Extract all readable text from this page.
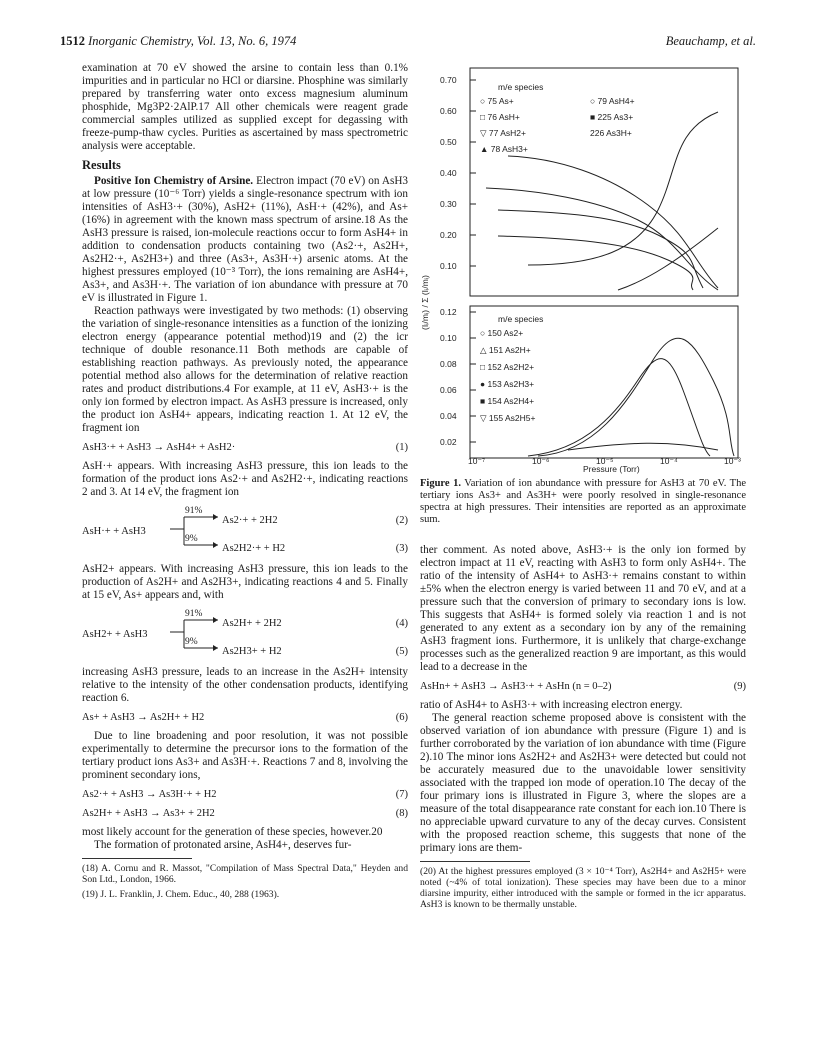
1512 Inorganic Chemistry, Vol. 13, No. 6, 1974	Beauchamp, et al.

examination at 70 eV showed the arsine to contain less than 0.1% impurities and in particular no HCl or diarsine. Phosphine was similarly prepared by transferring water onto excess magnesium aluminum phosphide, Mg3P2·2AlP.17 All other chemicals were reagent grade commercial samples utilized as supplied except for degassing with freeze-pump-thaw cycles. Purities as ascertained by mass spectrometric analysis were acceptable.

Results

Positive Ion Chemistry of Arsine. Electron impact (70 eV) on AsH3 at low pressure (10⁻⁶ Torr) yields a single-resonance spectrum with ion intensities of AsH3·+ (30%), AsH2+ (11%), AsH·+ (42%), and As+ (16%) in agreement with the known mass spectrum of arsine.18 As the AsH3 pressure is raised, ion-molecule reactions occur to form AsH4+ in addition to condensation products containing two (As2·+, As2H+, As2H2·+, As2H3+) and three (As3+, As3H·+) arsenic atoms. At the highest pressures employed (10⁻³ Torr), the ions remaining are AsH4+, As3+, and As3H·+. The variation of ion abundance with pressure at 70 eV is illustrated in Figure 1.

Reaction pathways were investigated by two methods: (1) observing the variation of single-resonance intensities as a function of the ionizing electron energy (appearance potential method)19 and (2) the icr technique of double resonance.11 Both methods are capable of establishing reaction pathways. As previously noted, the appearance potential method also allows for the determination of relative reaction rates and product distributions.4 For example, at 11 eV, AsH3·+ is the only ion formed by electron impact. As AsH3 pressure is increased, only the product ion AsH4+ appears, indicating reaction 1. At 12 eV, the fragment ion

AsH3·+ + AsH3 → AsH4+ + AsH2·	(1)

AsH·+ appears. With increasing AsH3 pressure, this ion leads to the formation of the product ions As2·+ and As2H2·+, indicating reactions 2 and 3. At 14 eV, the fragment ion

AsH·+ + AsH3
91%
9%
As2·+ + 2H2
As2H2·+ + H2
(2)
(3)

AsH2+ appears. With increasing AsH3 pressure, this ion leads to the production of As2H+ and As2H3+, indicating reactions 4 and 5. Finally at 15 eV, As+ appears and, with

AsH2+ + AsH3
91%
9%
As2H+ + 2H2
As2H3+ + H2
(4)
(5)

increasing AsH3 pressure, leads to an increase in the As2H+ intensity relative to the intensity of the other condensation products, identifying reaction 6.

As+ + AsH3 → As2H+ + H2	(6)

Due to line broadening and poor resolution, it was not possible experimentally to determine the precursor ions to the formation of the tertiary product ions As3+ and As3H·+. Reactions 7 and 8, involving the prominent secondary ions,

As2·+ + AsH3 → As3H·+ + H2	(7)
As2H+ + AsH3 → As3+ + 2H2	(8)

most likely account for the generation of these species, however.20

The formation of protonated arsine, AsH4+, deserves fur-

(18) A. Cornu and R. Massot, "Compilation of Mass Spectral Data," Heyden and Son Ltd., London, 1966.

(19) J. L. Franklin, J. Chem. Educ., 40, 288 (1963).

0.70
0.60
0.50
0.40
0.30
0.20
0.10
m/e species
○ 75 As+
□ 76 AsH+
▽ 77 AsH2+
▲ 78 AsH3+
○ 79 AsH4+
■ 225 As3+
226 As3H+
(Iᵢ/mᵢ) / Σ (Iᵢ/mᵢ) 0.12
0.10
0.08
0.06
0.04
0.02
m/e species
○ 150 As2+
△ 151 As2H+
□ 152 As2H2+
● 153 As2H3+
■ 154 As2H4+
▽ 155 As2H5+
10⁻⁷	10⁻⁶	10⁻⁵	10⁻⁴	10⁻³
Pressure (Torr)
Figure 1. Variation of ion abundance with pressure for AsH3 at 70 eV. The tertiary ions As3+ and As3H+ were poorly resolved in single-resonance spectra at high pressures. Their intensities are reported as an approximate sum.

ther comment. As noted above, AsH3·+ is the only ion formed by electron impact at 11 eV, reacting with AsH3 to form only AsH4+. The ratio of the intensity of AsH4+ to AsH3·+ remains constant to within ±5% when the electron energy is varied between 11 and 70 eV, and at a pressure such that the conversion of primary to secondary ions is low. This suggests that AsH4+ is formed solely via reaction 1 and is not generated to any extent as a secondary ion by any of the remaining AsH3 fragment ions. Furthermore, it is unlikely that charge-exchange processes such as the generalized reaction 9 are important, as this would lead to a decrease in the

AsHn+ + AsH3 → AsH3·+ + AsHn (n = 0–2)	(9)

ratio of AsH4+ to AsH3·+ with increasing electron energy.

The general reaction scheme proposed above is consistent with the observed variation of ion abundance with pressure (Figure 1) and is further corroborated by the variation of ion abundance with time (Figure 2).10 The minor ions As2H2+ and As2H3+ were detected but could not be accurately measured due to the unavoidable lower sensitivity associated with the trapped ion mode of operation.10 The decay of the four primary ions is illustrated in Figure 3, where the slopes are a measure of the total disappearance rate constant for each ion.10 There is no appreciable upward curvature to any of the decay curves. Consistent with the proposed reaction scheme, this suggests that none of the primary ions are them-

(20) At the highest pressures employed (3 × 10⁻⁴ Torr), As2H4+ and As2H5+ were noted (~4% of total ionization). These species may have been due to a minor diarsine impurity, either introduced with the sample or formed in the icr apparatus. AsH3 is known to be thermally unstable.
